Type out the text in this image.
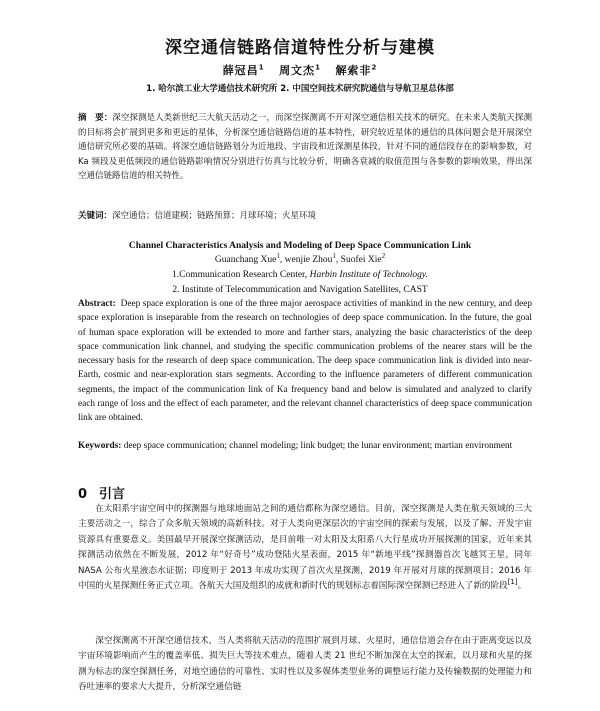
深空通信链路信道特性分析与建模
薛冠昌$^1$ 周文杰$^1$ 解索非$^2$
1. 哈尔滨工业大学通信技术研究所 2. 中国空间技术研究院通信与导航卫星总体部
摘　要：深空探测是人类新世纪三大航天活动之一，而深空探测离不开对深空通信相关技术的研究。在未来人类航天探测的目标将会扩展到更多和更远的星体，分析深空通信链路信道的基本特性，研究较近星体的通信的具体问题会是开展深空通信研究所必要的基础。将深空通信链路划分为近地段、宇宙段和近深测星体段，针对不同的通信段存在的影响参数，对 Ka 频段及更低频段的通信链路影响情况分别进行仿真与比较分析，明确各衰减的取值范围与各参数的影响效果，得出深空通信链路信道的相关特性。
关键词：深空通信；信道建模；链路预算；月球环境；火星环境
Channel Characteristics Analysis and Modeling of Deep Space Communication Link
Guanchang Xue$^1$, wenjie Zhou$^1$, Suofei Xie$^2$
1.Communication Research Center, Harbin Institute of Technology.
2. Institute of Telecommunication and Navigation Satellites, CAST
Abstract: Deep space exploration is one of the three major aerospace activities of mankind in the new century, and deep space exploration is inseparable from the research on technologies of deep space communication. In the future, the goal of human space exploration will be extended to more and farther stars, analyzing the basic characteristics of the deep space communication link channel, and studying the specific communication problems of the nearer stars will be the necessary basis for the research of deep space communication. The deep space communication link is divided into near-Earth, cosmic and near-exploration stars segments. According to the influence parameters of different communication segments, the impact of the communication link of Ka frequency band and below is simulated and analyzed to clarify each range of loss and the effect of each parameter, and the relevant channel characteristics of deep space communication link are obtained.
Keywords: deep space communication; channel modeling; link budget; the lunar environment; martian environment
0 引言
在太阳系宇宙空间中的探测器与地球地面站之间的通信都称为深空通信。目前，深空探测是人类在航天领域的三大主要活动之一，综合了众多航天领域的高新科技。对于人类向更深层次的宇宙空间的探索与发展，以及了解、开发宇宙资源具有重要意义。美国最早开展深空探测活动，是目前唯一对太阳及太阳系八大行星成功开展探测的国家，近年来其探测活动依然在不断发展，2012 年“好奇号”成功登陆火星表面，2015 年“新地平线”探测器首次飞越冥王星，同年 NASA 公布火星液态水证据；印度则于 2013 年成功实现了首次火星探测，2019 年开展对月球的探测项目；2016 年中国的火星探测任务正式立项。各航天大国及组织的成就和新时代的规划标志着国际深空探测已经进入了新的阶段[1]。
深空探测离不开深空通信技术，当人类将航天活动的范围扩展到月球、火星时，通信信道会存在由于距离变远以及宇宙环境影响而产生的覆盖率低、损失巨大等技术难点，随着人类 21 世纪不断加深在太空的探索，以月球和火星的探测为标志的深空探测任务，对地空通信的可靠性、实时性以及多媒体类型业务的调整运行能力及传输数据的处理能力和吞吐速率的要求大大提升，分析深空通信链
